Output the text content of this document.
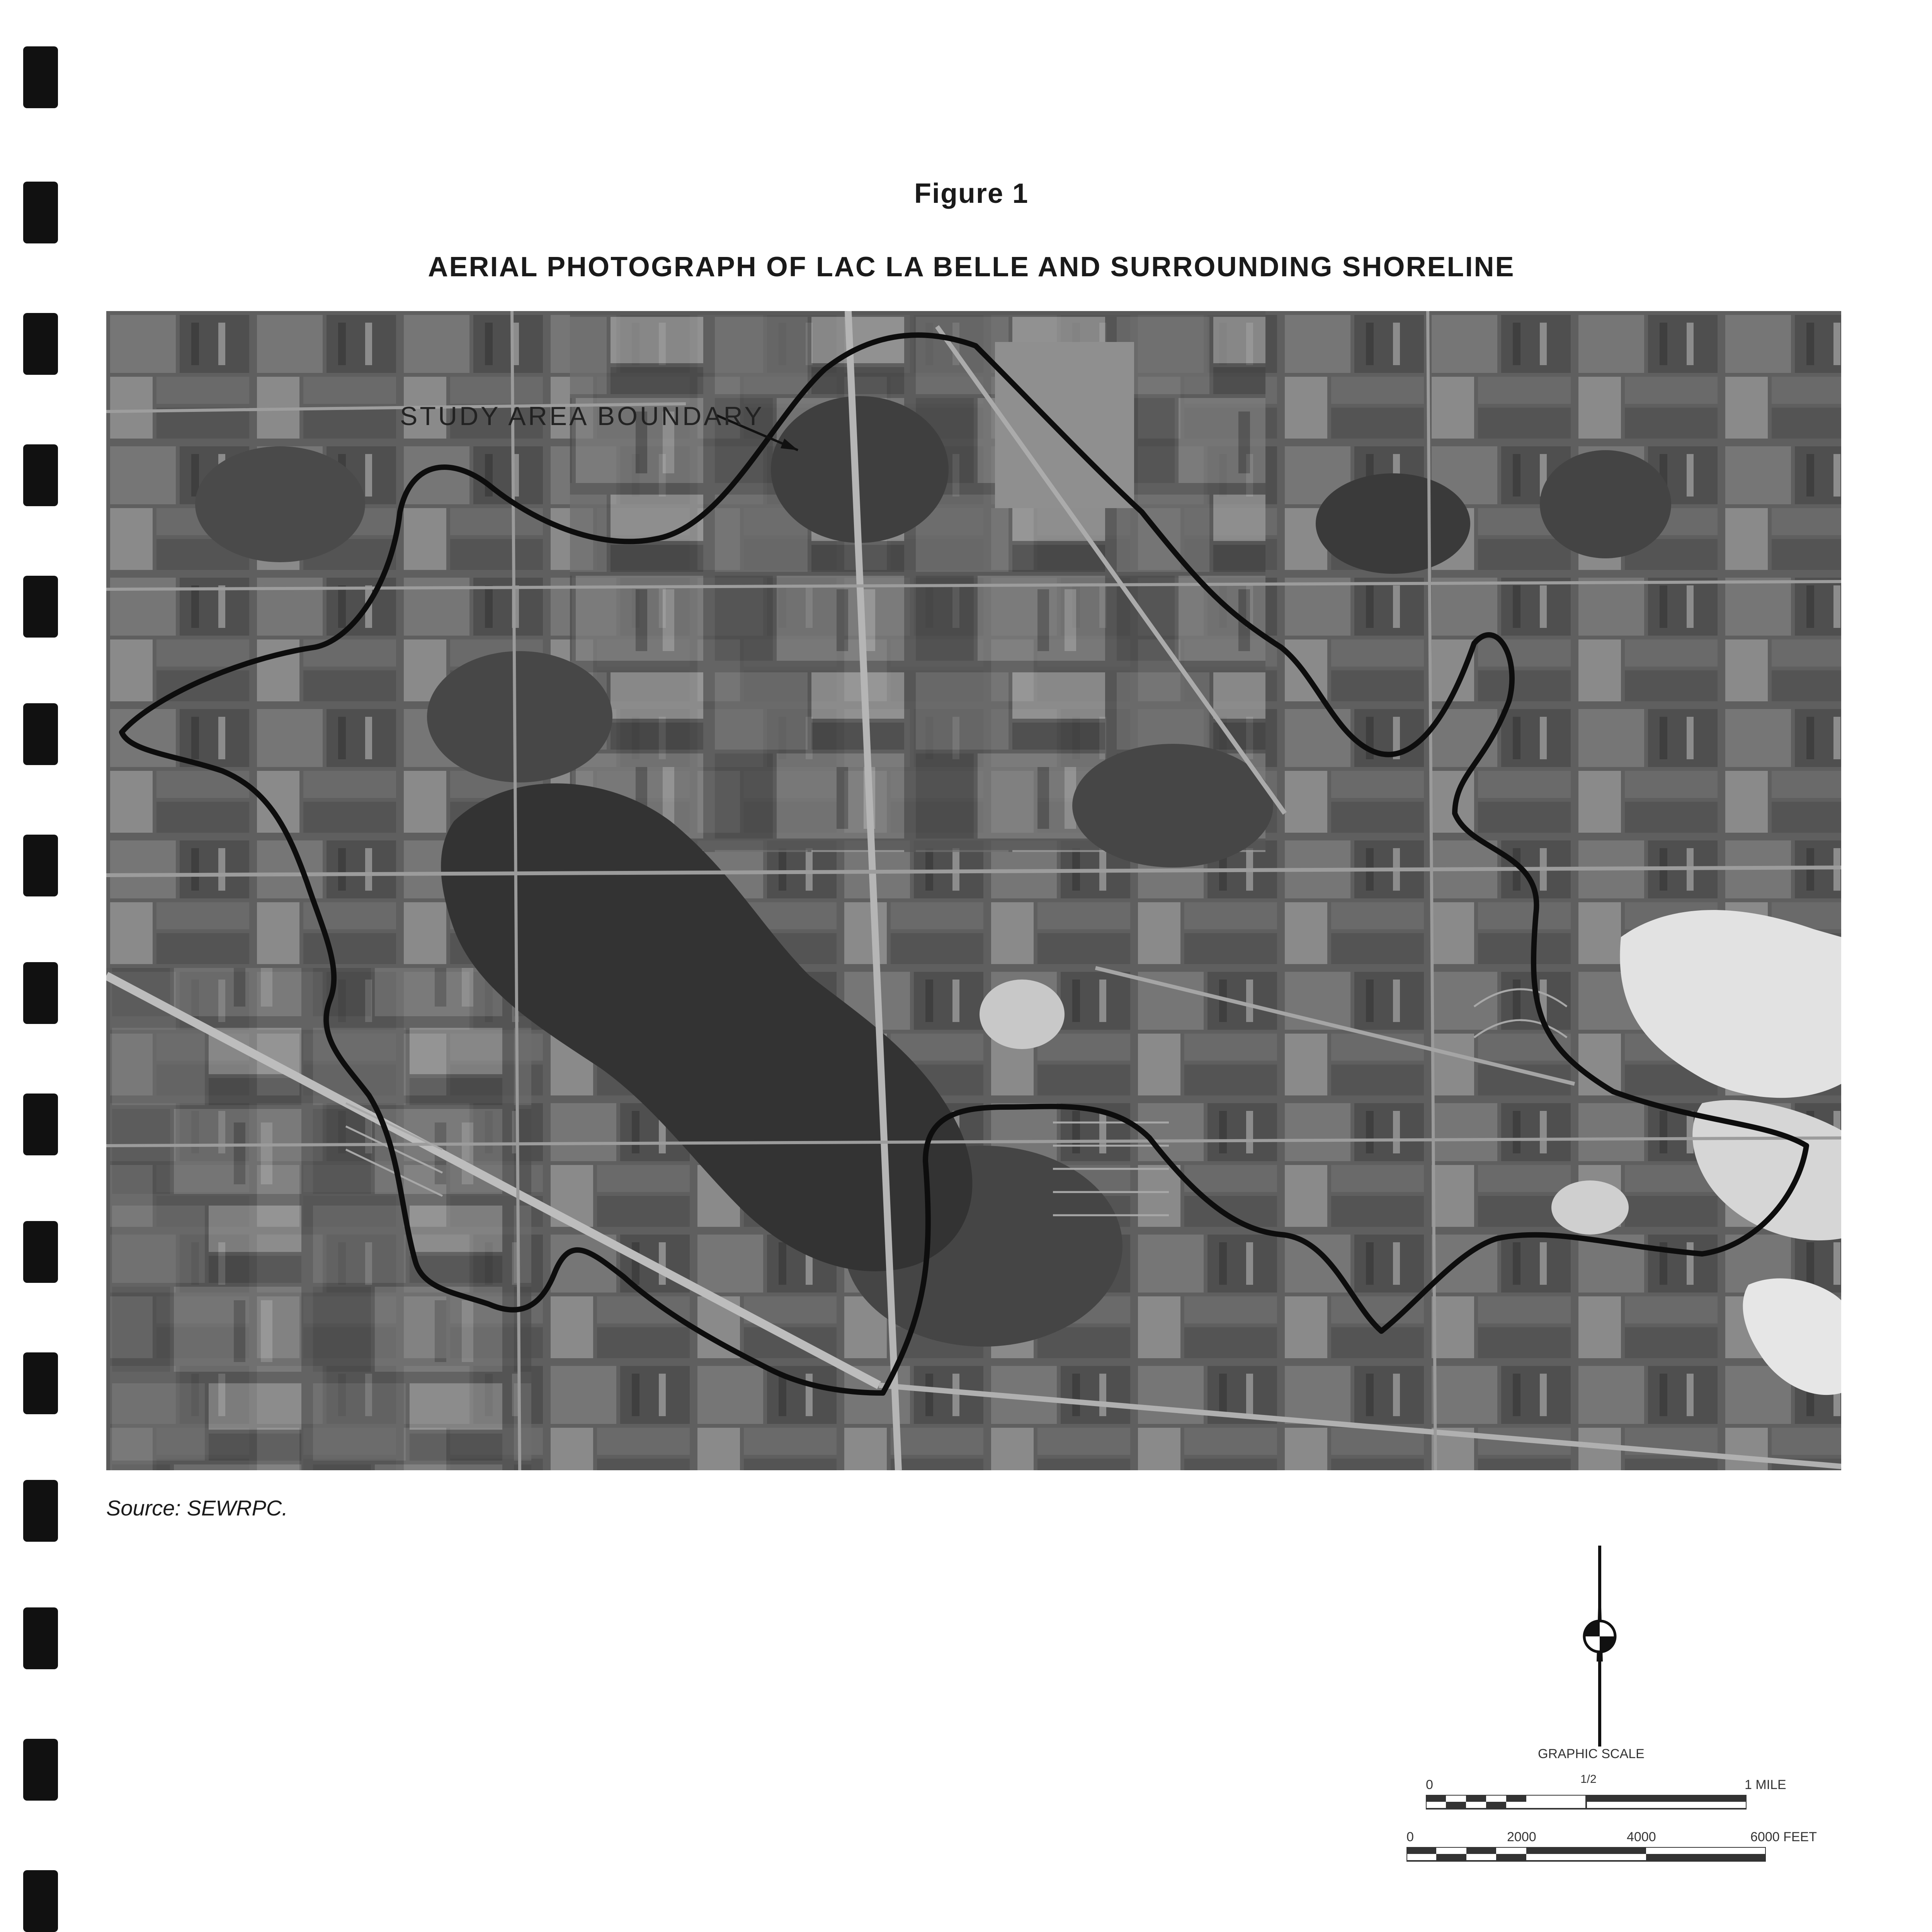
Figure 1
AERIAL PHOTOGRAPH OF LAC LA BELLE AND SURROUNDING SHORELINE
STUDY AREA BOUNDARY
Source: SEWRPC.
GRAPHIC SCALE
0	1/2	1 MILE
0	2000	4000	6000 FEET
